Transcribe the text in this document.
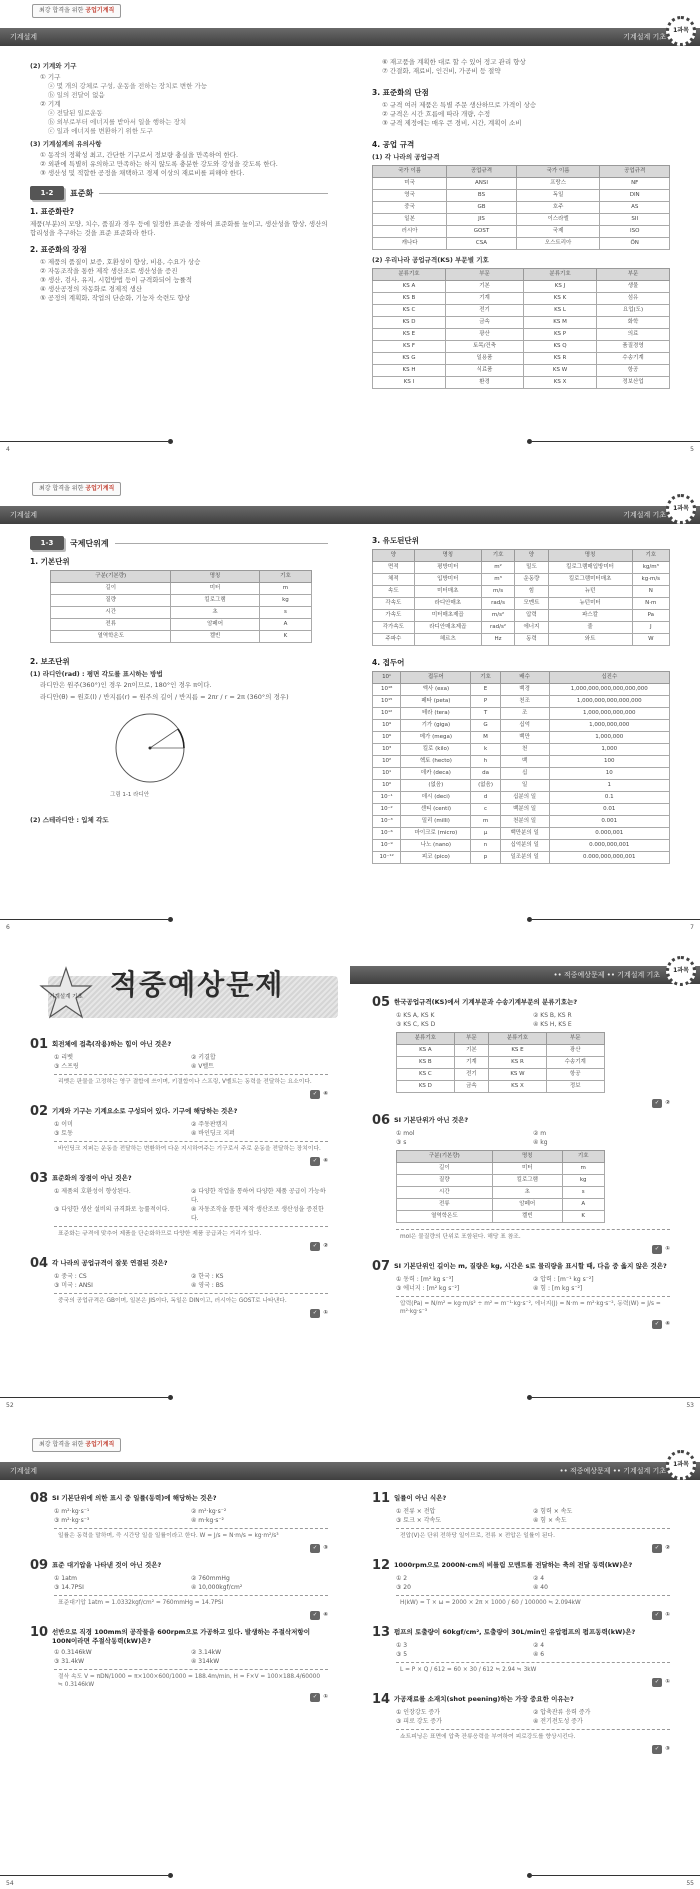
최강 합격을 위한 공업기계직
기계설계
(2) 기계와 기구
① 기구
ⓐ 몇 개의 강체로 구성, 운동을 전하는 장치로 변한 가능
ⓑ 일의 전달이 없음
② 기계
ⓐ 전달된 일로운동
ⓑ 외부로부터 에너지를 받아서 일을 행하는 장치
ⓒ 일과 에너지를 변환하기 위한 도구
(3) 기계설계의 유의사항
① 동작의 정확성 최고, 간단한 기구로서 정보량 충실을 만족하여 한다.
② 외관에 특별히 유의하고 만족하는 하지 않도록 충분한 강도와 강성을 갖도록 한다.
③ 생산성 및 적합한 공정을 채택하고 경제 이상의 재료비를 피해야 한다.
1-2	표준화
1. 표준화란?
제품(부분)의 모양, 치수, 품질과 경우 등에 일정한 표준을 정하여 표준화를 높이고, 생산성을 향상, 생산의 합리성을 추구하는 것을 표준 표준화라 한다.
2. 표준화의 장점
① 제품의 품질이 보증, 호환성이 향상, 비용, 수요가 상승
② 자동조작을 통한 제작 생산조로 생산성을 증진
③ 생산, 검사, 유지, 시험방법 등이 규격화되어 능률적
④ 생산공정의 자동화로 경제적 생산
⑤ 공정의 계획화, 작업의 단순화, 기능자 숙련도 향상
4
기계설계 기초
1과목
⑥ 재고품을 계획한 대로 할 수 있어 정고 관리 향상
⑦ 간결화, 재료비, 인건비, 가공비 등 절약
3. 표준화의 단점
① 규격 여러 제품은 특별 주문 생산하므로 가격이 상승
② 규격은 시간 흐름에 따라 개량, 수정
③ 규격 제정에는 매우 큰 경비, 시간, 계획이 소비
4. 공업 규격
(1) 각 나라의 공업규격
국가 이름	공업규격	국가 이름	공업규격
미국	ANSI	프랑스	NF
영국	BS	독일	DIN
중국	GB	호주	AS
일본	JIS	이스라엘	SII
러시아	GOST	국제	ISO
캐나다	CSA	오스트리아	ÖN
(2) 우리나라 공업규격(KS) 부문별 기호
분류기호	부문	분류기호	부문
KS A	기본	KS J	생물
KS B	기계	KS K	섬유
KS C	전기	KS L	요업(도)
KS D	금속	KS M	화학
KS E	광산	KS P	의료
KS F	토목/건축	KS Q	품질경영
KS G	일용품	KS R	수송기계
KS H	식료품	KS W	항공
KS I	환경	KS X	정보산업
5
최강 합격을 위한 공업기계직
기계설계
1-3	국제단위계
1. 기본단위
구분(기본량)	명칭	기호
길이	미터	m
질량	킬로그램	kg
시간	초	s
전류	암페어	A
열역학온도	켈빈	K
2. 보조단위
(1) 라디안(rad) : 평면 각도를 표시하는 방법
라디안은 원주(360°)인 경우 2π이므로, 180°인 경우 π이다.
라디안(θ) = 원호(l) / 반지름(r) = 원주의 길이 / 반지름 = 2πr / r = 2π (360°의 경우)
그림 1-1 라디안
(2) 스테라디안 : 입체 각도
6
기계설계 기초
1과목
3. 유도된단위
양	명칭	기호	양	명칭	기호
면적	평방미터	m²	밀도	킬로그램매입방미터	kg/m³
체적	입방미터	m³	운동량	킬로그램미터매초	kg·m/s
속도	미터매초	m/s	힘	뉴턴	N
각속도	라디안매초	rad/s	모멘트	뉴턴미터	N·m
가속도	미터매초제곱	m/s²	압력	파스칼	Pa
각가속도	라디안매초제곱	rad/s²	에너지	줄	J
주파수	헤르츠	Hz	동력	와트	W
4. 접두어
10ⁿ	접두어	기호	배수	십진수
10¹⁸	엑사 (exa)	E	백경	1,000,000,000,000,000,000
10¹⁵	페타 (peta)	P	천조	1,000,000,000,000,000
10¹²	테라 (tera)	T	조	1,000,000,000,000
10⁹	기가 (giga)	G	십억	1,000,000,000
10⁶	메가 (mega)	M	백만	1,000,000
10³	킬로 (kilo)	k	천	1,000
10²	헥토 (hecto)	h	백	100
10¹	데카 (deca)	da	십	10
10⁰	(없음)	(없음)	일	1
10⁻¹	데시 (deci)	d	십분의 일	0.1
10⁻²	센티 (centi)	c	백분의 일	0.01
10⁻³	밀리 (milli)	m	천분의 일	0.001
10⁻⁶	마이크로 (micro)	μ	백만분의 일	0.000,001
10⁻⁹	나노 (nano)	n	십억분의 일	0.000,000,001
10⁻¹²	피코 (pico)	p	일조분의 일	0.000,000,000,001
7
기계설계 기초 적중예상문제
01 회전체에 접촉(작용)하는 힘이 아닌 것은?
① 리벳	② 키결합
③ 스프링	④ V벨트
리벳은 판물을 고정하는 영구 결합에 쓰이며, 키결합이나 스프링, V벨트는 동력을 전달하는 요소이다.
✓ ④
02 기계와 기구는 기계요소로 구성되어 있다. 기구에 해당하는 것은?
① 이미	② 주동판캠지
③ 토동	④ 바인딩크 지퍼
바인딩크 지퍼는 운동을 전달하는 변환하여 다운 지시하여주는 기구로서 주로 운동을 전달하는 장치이다.
✓ ④
03 표준화의 장점이 아닌 것은?
① 제품의 호환성이 향상된다.	② 다양한 작업을 통하여 다양한 제품 공급이 가능하다.
③ 다양한 생산 설비의 규격화로 능률적이다.	④ 자동조작을 통한 제작 생산조로 생산성을 증진한다.
표준화는 규격에 맞추어 제품을 단순화하므로 다양한 제품 공급과는 거리가 있다.
✓ ②
04 각 나라의 공업규격이 잘못 연결된 것은?
① 중국 : CS	② 한국 : KS
③ 미국 : ANSI	④ 영국 : BS
중국의 공업규격은 GB이며, 일본은 JIS이다, 독일은 DIN이고, 러시아는 GOST로 나타낸다.
✓ ①
52
•• 적중예상문제 •• 기계설계 기초
1과목
05 한국공업규격(KS)에서 기계부문과 수송기계부문의 분류기호는?
① KS A, KS K	② KS B, KS R
③ KS C, KS D	④ KS H, KS E
분류기호	부문	분류기호	부문
KS A	기본	KS E	광산
KS B	기계	KS R	수송기계
KS C	전기	KS W	항공
KS D	금속	KS X	정보
✓ ②
06 SI 기본단위가 아닌 것은?
① mol	② m
③ s	④ kg
구분(기본량)	명칭	기호
길이	미터	m
질량	킬로그램	kg
시간	초	s
전류	암페어	A
열역학온도	켈빈	K
mol은 물질량의 단위로 포함된다. 해당 표 참조.
✓ ①
07 SI 기본단위인 길이는 m, 질량은 kg, 시간은 s로 물리량을 표시할 때, 다음 중 옳지 않은 것은?
① 동력 : [m² kg s⁻³]	② 압력 : [m⁻¹ kg s⁻²]
③ 에너지 : [m² kg s⁻²]	④ 힘 : [m kg s⁻²]
압력(Pa) = N/m² = kg·m/s² ÷ m² = m⁻¹·kg·s⁻², 에너지(J) = N·m = m²·kg·s⁻², 동력(W) = J/s = m²·kg·s⁻³
✓ ④
53
최강 합격을 위한 공업기계직
기계설계
08 SI 기본단위에 의한 표시 중 일률(동력)에 해당하는 것은?
① m²·kg·s⁻¹	② m²·kg·s⁻²
③ m²·kg·s⁻³	④ m·kg·s⁻²
일률은 동력을 말하며, 즉 시간당 일을 일률이라고 한다. W = J/s = N·m/s = kg·m²/s³
✓ ③
09 표준 대기압을 나타낸 것이 아닌 것은?
① 1atm	② 760mmHg
③ 14.7PSI	④ 10,000kgf/cm²
표준대기압 1atm = 1.0332kgf/cm² = 760mmHg = 14.7PSI
✓ ④
10 선반으로 직경 100mm의 공작물을 600rpm으로 가공하고 있다. 발생하는 주절삭저항이 100N이라면 주절삭동력(kW)은?
① 0.3146kW	② 3.14kW
③ 31.4kW	④ 314kW
절삭 속도 V = πDN/1000 = π×100×600/1000 = 188.4m/min, H = F×V = 100×188.4/60000 ≒ 0.3146kW
✓ ①
54
•• 적중예상문제 •• 기계설계 기초
1과목
11 일률이 아닌 식은?
① 전류 × 전압	② 힘력 × 속도
③ 토크 × 각속도	④ 힘 × 속도
전압(V)은 단위 전하당 일이므로, 전류 × 전압은 일률이 된다.
✓ ②
12 1000rpm으로 2000N·cm의 비틀림 모멘트를 전달하는 축의 전달 동력(kW)은?
① 2	② 4
③ 20	④ 40
H(kW) = T × ω = 2000 × 2π × 1000 / 60 / 100000 ≒ 2.094kW
✓ ①
13 펌프의 토출량이 60kgf/cm², 토출량이 30L/min인 유압펌프의 펌프동력(kW)은?
① 3	② 4
③ 5	④ 6
L = P × Q / 612 = 60 × 30 / 612 ≒ 2.94 ≒ 3kW
✓ ①
14 가공재료를 소재치(shot peening)하는 가장 중요한 이유는?
① 인장강도 증가	② 압축잔류 응력 증가
③ 피로 강도 증가	④ 전기전도성 증가
쇼트피닝은 표면에 압축 잔류응력을 부여하여 피로강도를 향상시킨다.
✓ ③
55
